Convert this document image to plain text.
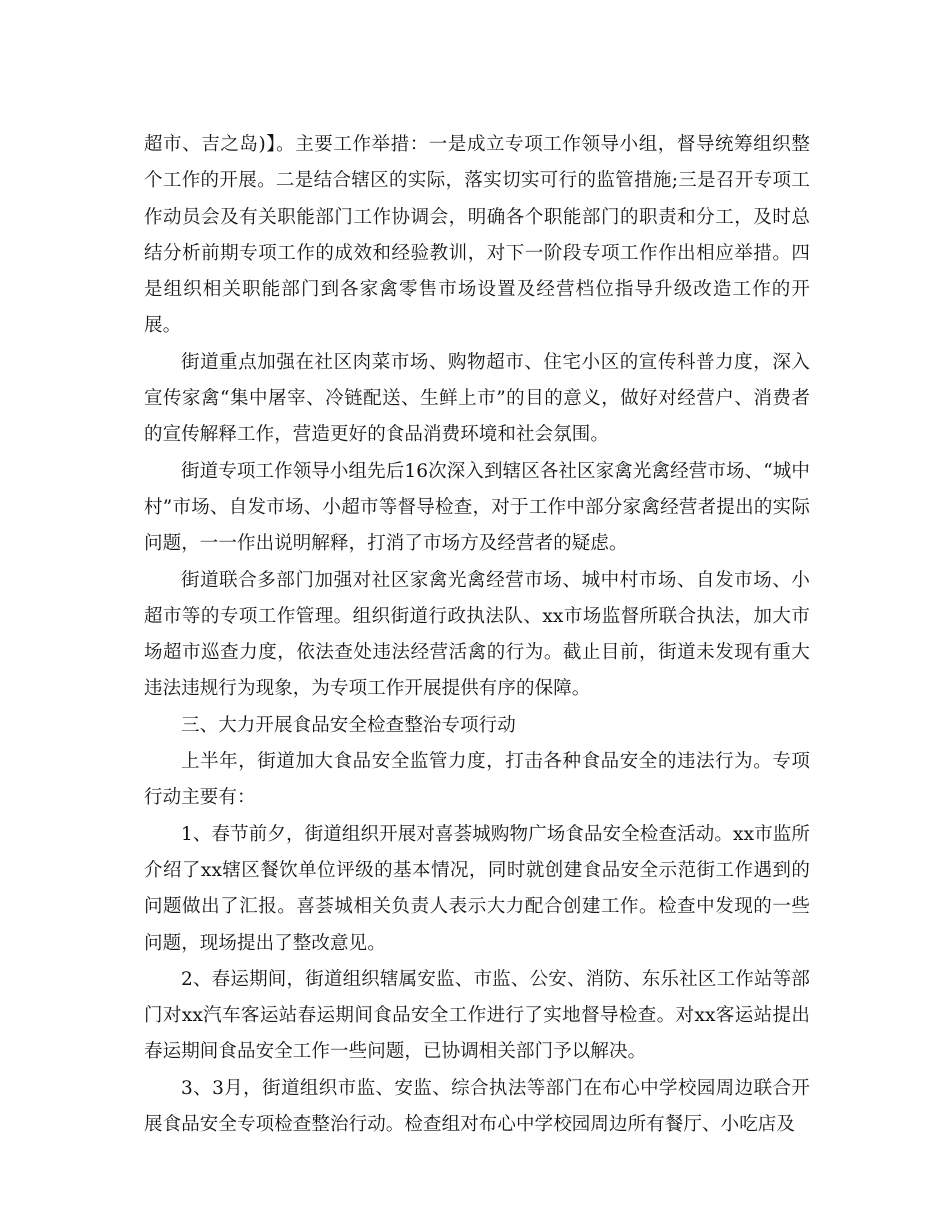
超市、吉之岛)】。主要工作举措：一是成立专项工作领导小组，督导统筹组织整个工作的开展。二是结合辖区的实际，落实切实可行的监管措施;三是召开专项工作动员会及有关职能部门工作协调会，明确各个职能部门的职责和分工，及时总结分析前期专项工作的成效和经验教训，对下一阶段专项工作作出相应举措。四是组织相关职能部门到各家禽零售市场设置及经营档位指导升级改造工作的开展。

街道重点加强在社区肉菜市场、购物超市、住宅小区的宣传科普力度，深入宣传家禽“集中屠宰、冷链配送、生鲜上市”的目的意义，做好对经营户、消费者的宣传解释工作，营造更好的食品消费环境和社会氛围。

街道专项工作领导小组先后16次深入到辖区各社区家禽光禽经营市场、“城中村”市场、自发市场、小超市等督导检查，对于工作中部分家禽经营者提出的实际问题，一一作出说明解释，打消了市场方及经营者的疑虑。

街道联合多部门加强对社区家禽光禽经营市场、城中村市场、自发市场、小超市等的专项工作管理。组织街道行政执法队、xx市场监督所联合执法，加大市场超市巡查力度，依法查处违法经营活禽的行为。截止目前，街道未发现有重大违法违规行为现象，为专项工作开展提供有序的保障。

三、大力开展食品安全检查整治专项行动

上半年，街道加大食品安全监管力度，打击各种食品安全的违法行为。专项行动主要有：

1、春节前夕，街道组织开展对喜荟城购物广场食品安全检查活动。xx市监所介绍了xx辖区餐饮单位评级的基本情况，同时就创建食品安全示范街工作遇到的问题做出了汇报。喜荟城相关负责人表示大力配合创建工作。检查中发现的一些问题，现场提出了整改意见。

2、春运期间，街道组织辖属安监、市监、公安、消防、东乐社区工作站等部门对xx汽车客运站春运期间食品安全工作进行了实地督导检查。对xx客运站提出春运期间食品安全工作一些问题，已协调相关部门予以解决。

3、3月，街道组织市监、安监、综合执法等部门在布心中学校园周边联合开展食品安全专项检查整治行动。检查组对布心中学校园周边所有餐厅、小吃店及
